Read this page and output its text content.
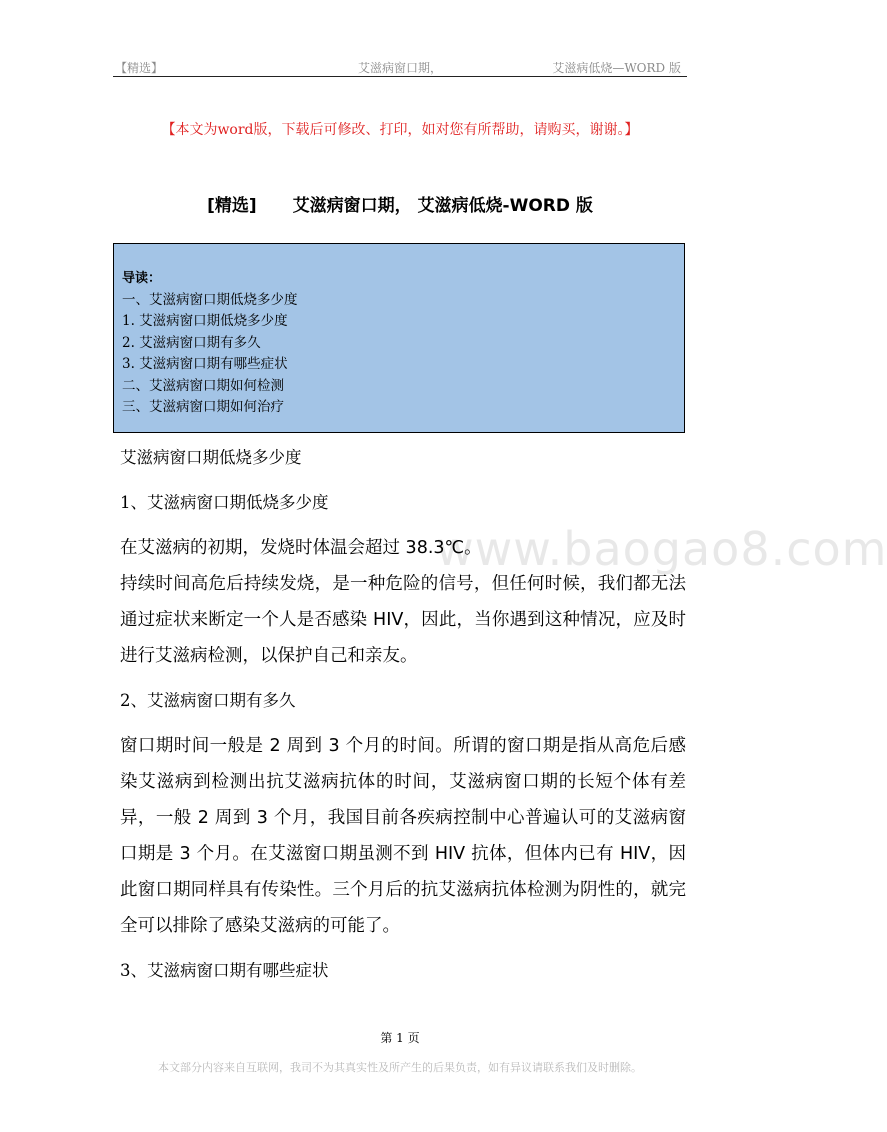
【精选】	艾滋病窗口期，	艾滋病低烧—WORD 版
【本文为word版，下载后可修改、打印，如对您有所帮助，请购买，谢谢。】
[精选] 艾滋病窗口期， 艾滋病低烧-WORD 版
导读：
一、艾滋病窗口期低烧多少度
1. 艾滋病窗口期低烧多少度
2. 艾滋病窗口期有多久
3. 艾滋病窗口期有哪些症状
二、艾滋病窗口期如何检测
三、艾滋病窗口期如何治疗
www.baogao8.com

艾滋病窗口期低烧多少度

1、艾滋病窗口期低烧多少度

在艾滋病的初期，发烧时体温会超过 38.3℃。

持续时间高危后持续发烧，是一种危险的信号，但任何时候，我们都无法通过症状来断定一个人是否感染 HIV，因此，当你遇到这种情况，应及时进行艾滋病检测，以保护自己和亲友。

2、艾滋病窗口期有多久

窗口期时间一般是 2 周到 3 个月的时间。所谓的窗口期是指从高危后感染艾滋病到检测出抗艾滋病抗体的时间，艾滋病窗口期的长短个体有差异，一般 2 周到 3 个月，我国目前各疾病控制中心普遍认可的艾滋病窗口期是 3 个月。在艾滋窗口期虽测不到 HIV 抗体，但体内已有 HIV，因此窗口期同样具有传染性。三个月后的抗艾滋病抗体检测为阴性的，就完全可以排除了感染艾滋病的可能了。

3、艾滋病窗口期有哪些症状

第 1 页
本文部分内容来自互联网，我司不为其真实性及所产生的后果负责，如有异议请联系我们及时删除。
